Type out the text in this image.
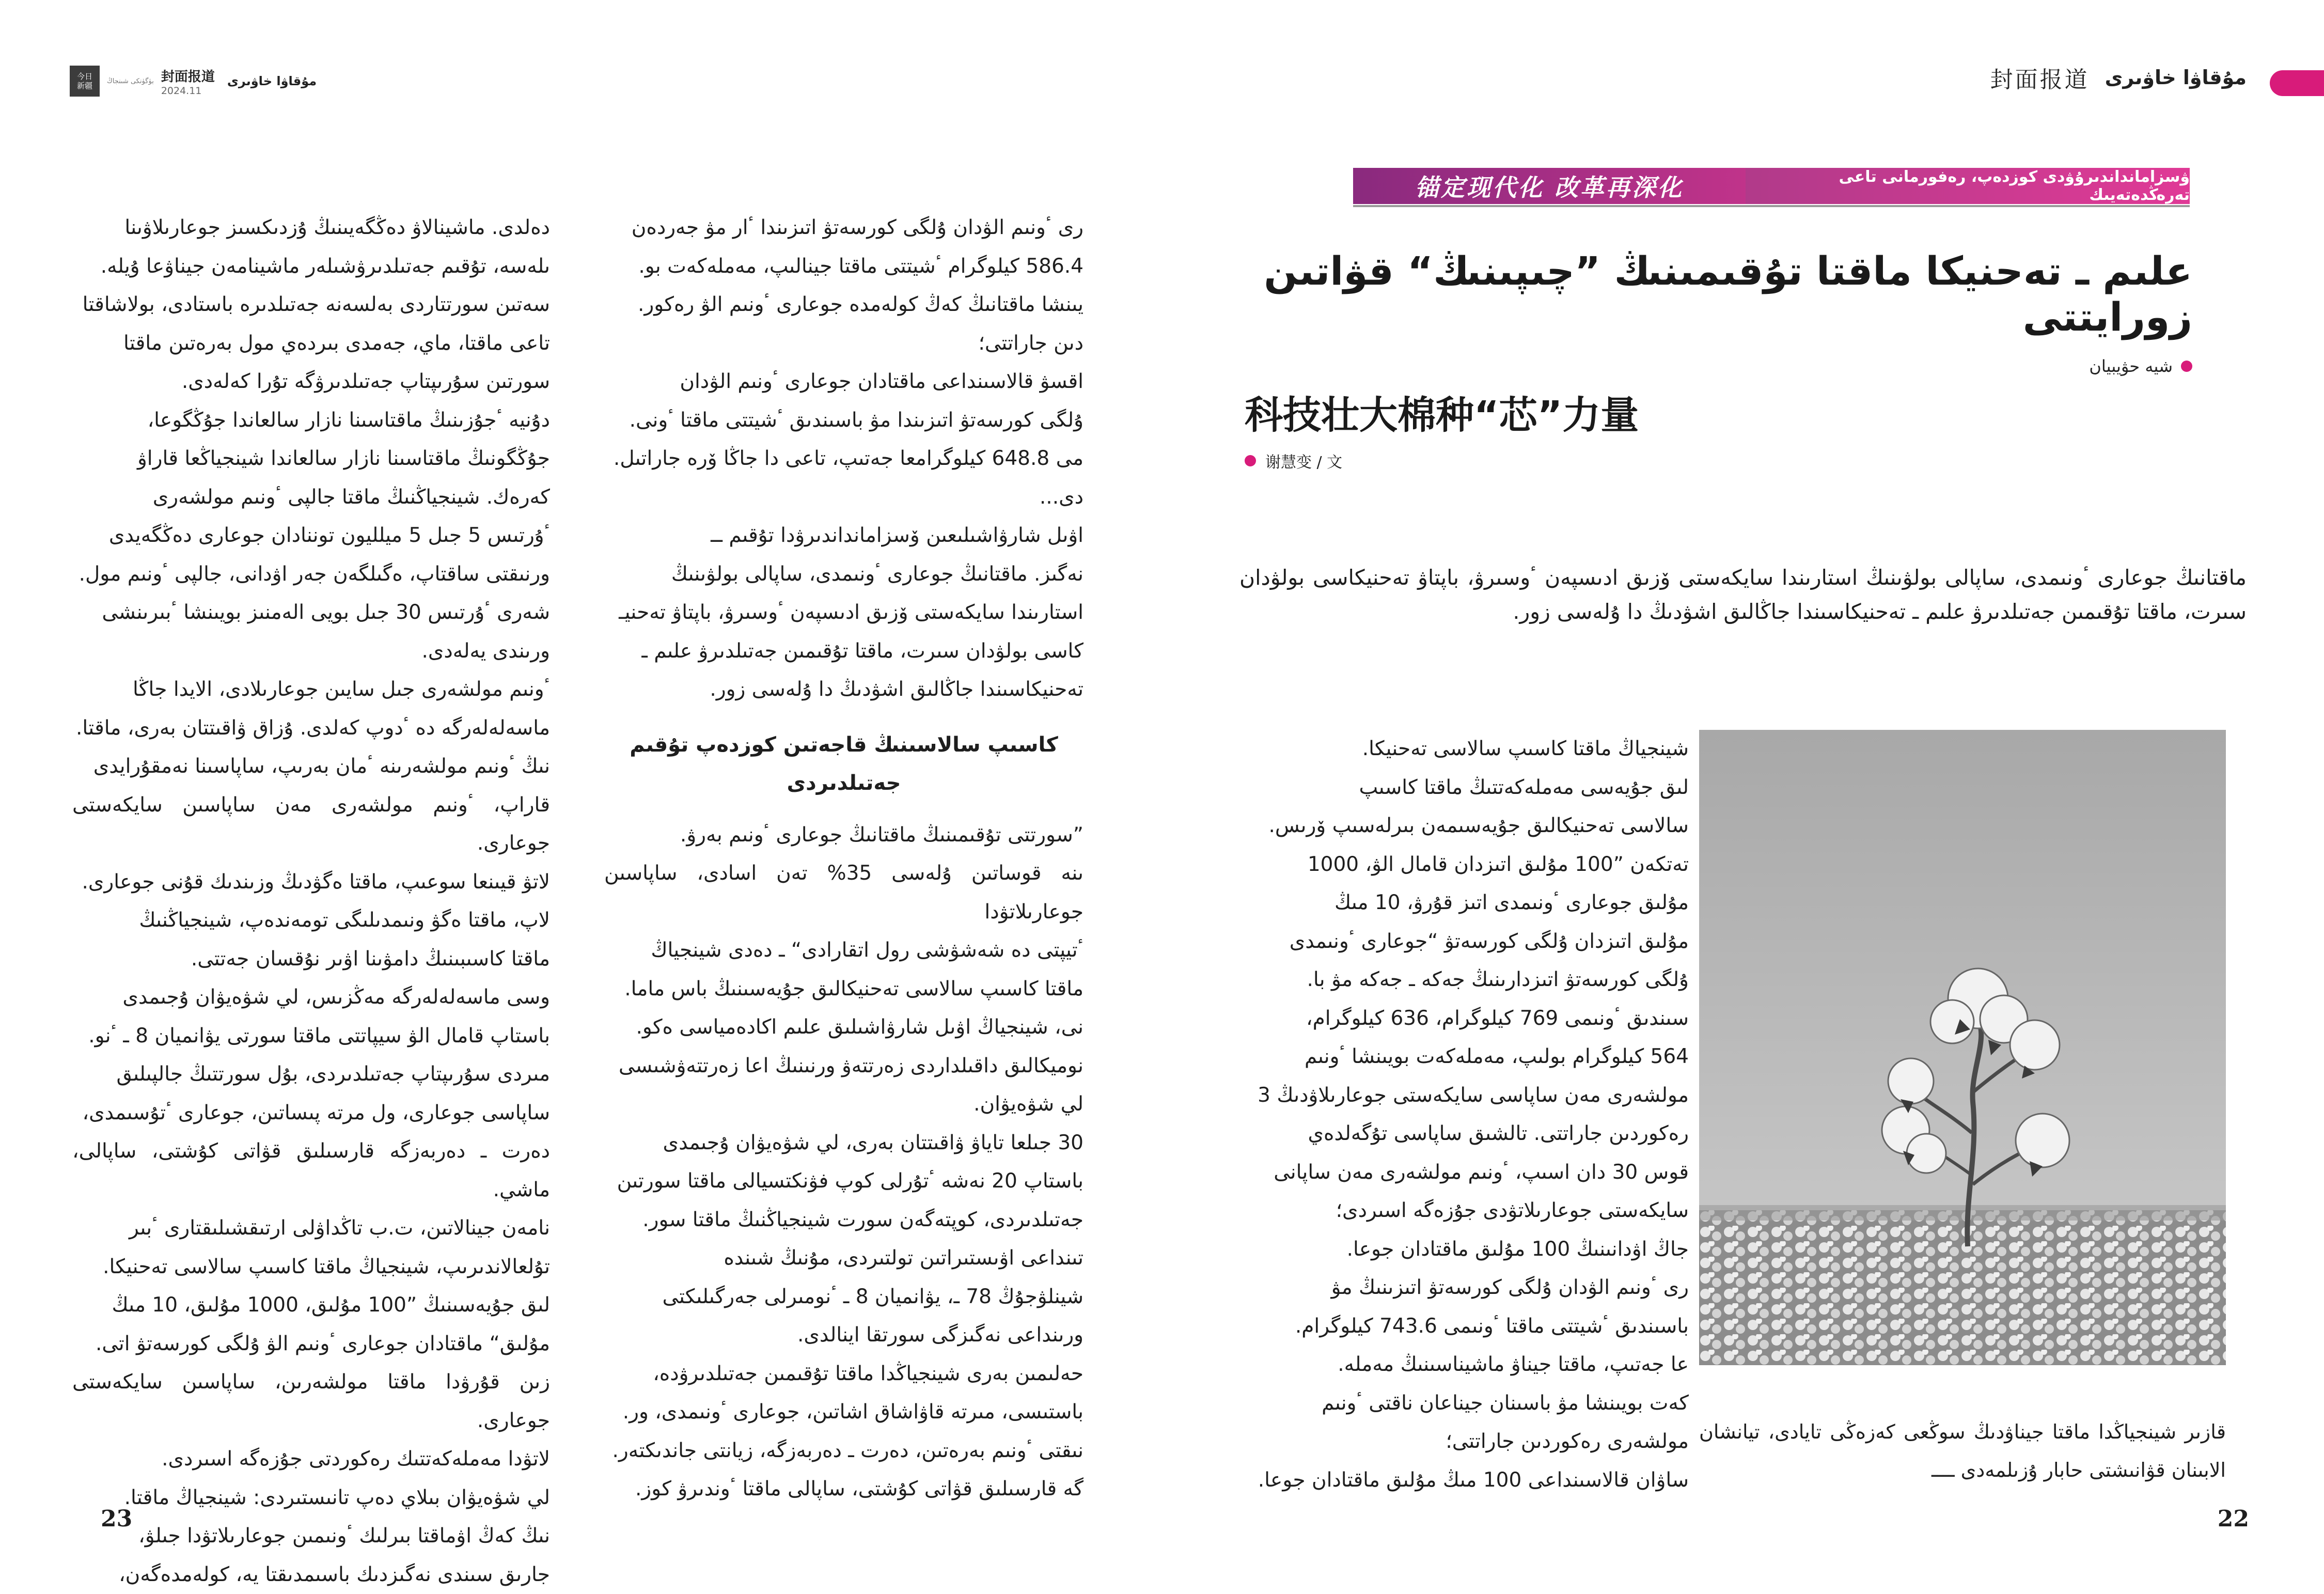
今日
新疆 بۈگۈنكى شىنجاڭ 封面报道
2024.11
مۇقاۋا خاۋىرى	封面报道 مۇقاۋا خاۋىرى
锚定现代化 改革再深化	ۋسزامانداندىرۇۋدى كوزدەپ، رەفورمانى تاعى تەرەڭدەتەيىك
علىم ـ تەحنيكا ماقتا تۇقىمىنىڭ ”چىپىنىڭ“ قۋاتىن زورايتتى
شيە حۋيبيان
科技壮大棉种“芯”力量
谢慧变 / 文
ماقتانىڭ جوعارى ٴونىمدى، ساپالى بولۋىنىڭ استارىندا سايكەستى ۆزىق ادىسپەن ٴوسىرۋ، باپتاۋ تەحنيكاسى بولۋدان سىرت، ماقتا تۇقىمىن جەتىلدىرۋ علىم ـ تەحنيكاسىندا جاڭالىق اشۋدىڭ دا ۇلەسى زور.
شينجياڭ ماقتا كاسىپ سالاسى تەحنيكا.
لىق جۇيەسى مەملەكەتتىڭ ماقتا كاسىپ
سالاسى تەحنيكالىق جۇيەسىمەن بىرلەسىپ ۆرىس.
تەتكەن ”100 مۇلىق اتىزدان قامال الۋ، 1000
مۇلىق جوعارى ٴونىمدى اتىز قۇرۋ، 10 مىڭ
مۇلىق اتىزدان ۇلگى كورسەتۋ “جوعارى ٴونىمدى
ۇلگى كورسەتۋ اتىزدارىنىڭ جەكە ـ جەكە مۋ با.
سىندىق ٴونىمى 769 كيلوگرام، 636 كيلوگرام،
564 كيلوگرام بولىپ، مەملەكەت بويىنشا ٴونىم
مولشەرى مەن ساپاسى سايكەستى جوعارىلاۋدىڭ 3
رەكوردىن جاراتتى. تالشىق ساپاسى تۇگەلدەي
قوس 30 دان اسىپ، ٴونىم مولشەرى مەن ساپانى
سايكەستى جوعارىلاتۋدى جۇزەگە اسىردى؛
جاڭ اۋدانىنىڭ 100 مۇلىق ماقتادان جوعا.
رى ٴونىم الۋدان ۇلگى كورسەتۋ اتىزىنىڭ مۋ
باسىندىق ٴشيتتى ماقتا ٴونىمى 743.6 كيلوگرام.
عا جەتىپ، ماقتا جيناۋ ماشيناسىنىڭ مەملە.
كەت بويىنشا مۋ باسىنان جيناعان ناقتى ٴونىم
مولشەرى رەكوردىن جاراتتى؛
ساۋان قالاسىنداعى 100 مىڭ مۇلىق ماقتادان جوعا.
قازىر شينجياڭدا ماقتا جيناۋدىڭ سوڭعى كەزەڭى تايادى، تيانشان الابىنان قۋانىشتى حابار ۇزىلمەدى ــــ

رى ٴونىم الۋدان ۇلگى كورسەتۋ اتىزىندا ٴار مۋ جەردەن
586.4 كيلوگرام ٴشيتتى ماقتا جينالىپ، مەملەكەت بو.
يىنشا ماقتانىڭ كەڭ كولەمدە جوعارى ٴونىم الۋ رەكور.
دىن جاراتتى؛

اقسۋ قالاسىنداعى ماقتادان جوعارى ٴونىم الۋدان
ۇلگى كورسەتۋ اتىزىندا مۋ باسىندىق ٴشيتتى ماقتا ٴونى.
مى 648.8 كيلوگرامعا جەتىپ، تاعى دا جاڭا ۆرە جاراتىل.
دى...

اۋىل شارۋاشىلىعىن ۆسزامانداندىرۋدا تۇقىم ــ
نەگىز. ماقتانىڭ جوعارى ٴونىمدى، ساپالى بولۋىنىڭ
استارىندا سايكەستى ۆزىق ادىسپەن ٴوسىرۋ، باپتاۋ تەحنيـ
كاسى بولۋدان سىرت، ماقتا تۇقىمىن جەتىلدىرۋ علىم ـ
تەحنيكاسىندا جاڭالىق اشۋدىڭ دا ۇلەسى زور.

كاسىپ سالاسىنىڭ قاجەتىن كوزدەپ تۇقىم جەتىلدىردى

”سورتتى تۇقىمىنىڭ ماقتانىڭ جوعارى ٴونىم بەرۋ.
ىنە قوساتىن ۇلەسى 35% تەن اسادى، ساپاسىن جوعارىلاتۋدا
ٴتيپتى دە شەشۋشى رول اتقارادى“ ـ دەدى شينجياڭ
ماقتا كاسىپ سالاسى تەحنيكالىق جۇيەسىنىڭ باس ماما.
نى، شينجياڭ اۋىل شارۋاشىلىق علىم اكادەمياسى ەكو.
نوميكالىق داقىلداردى زەرتتەۋ ورنىنىڭ اعا زەرتتەۋشىسى
لي شۋەيۋان.

30 جىلعا تاياۋ ۋاقىتتان بەرى، لي شۋەيۋان ۇجىمدى
باستاپ 20 نەشە ٴتۇرلى كوپ فۋنكتسيالى ماقتا سورتىن
جەتىلدىردى، كوپتەگەن سورت شينجياڭنىڭ ماقتا سور.
تىنداعى اۋىستىراتىن تولتىردى، مۇنىڭ شىندە
شينلۋجۇڭ 78 ـ، يۋانميان 8 ـ ٴنومىرلى جەرگىلىكتى
ورىنداعى نەگىزگى سورتقا اينالدى.

حەلىمىن بەرى شينجياڭدا ماقتا تۇقىمىن جەتىلدىرۋدە،
باستىسى، مىرتە قاۋاشاق اشاتىن، جوعارى ٴونىمدى، ور.
نىقتى ٴونىم بەرەتىن، دەرت ـ دەربەزگە، زيانتى جاندىكتەر.
گە قارسىلىق قۋاتى كۇشتى، ساپالى ماقتا ٴوندىرۋ كوز.

دەلدى. ماشينالاۋ دەڭگەيىنىڭ ۇزدىكسىز جوعارىلاۋىنا
ىلەسە، تۇقىم جەتىلدىرۋشىلەر ماشينامەن جيناۋعا ۇيلە.
سەتىن سورتتاردى بەلسەنە جەتىلدىرە باستادى، بولاشاقتا
تاعى ماقتا، ماي، جەمدى بىردەي مول بەرەتىن ماقتا
سورتىن سۇرىپتاپ جەتىلدىرۋگە تۇرا كەلەدى.

دۇنيە ٴجۇزىنىڭ ماقتاسىنا نازار سالعاندا جۇڭگوعا،
جۇڭگونىڭ ماقتاسىنا نازار سالعاندا شينجياڭعا قاراۋ
كەرەك. شينجياڭنىڭ ماقتا جالپى ٴونىم مولشەرى
ٴۇرتىس 5 جىل 5 ميلليون توننادان جوعارى دەڭگەيدى
ورنىقتى ساقتاپ، ەگىلگەن جەر اۋدانى، جالپى ٴونىم مول.
شەرى ٴۇرتىس 30 جىل بويى الەمنىز بويىنشا ٴبىرىنشى
ورىندى يەلەدى.

ٴونىم مولشەرى جىل سايىن جوعارىلادى، الايدا جاڭا
ماسەلەلەرگە دە ٴدوپ كەلدى. ۇزاق ۋاقىتتان بەرى، ماقتا.
نىڭ ٴونىم مولشەرىنە ٴمان بەرىپ، ساپاسىنا نەمقۇرايدى
قاراپ، ٴونىم مولشەرى مەن ساپاسىن سايكەستى جوعارى.
لاتۋ قيىنعا سوعىپ، ماقتا ەگۋدىڭ وزىندىك قۇنى جوعارى.
لاپ، ماقتا ەگۋ ونىمدىلىگى تومەندەپ، شينجياڭنىڭ
ماقتا كاسىبىنىڭ دامۋىنا اۋىر نۇقسان جەتتى.

وسى ماسەلەلەرگە مەڭزىس، لي شۋەيۋان ۇجىمدى
باستاپ قامال الۋ سيپاتتى ماقتا سورتى يۋانميان 8 ـ ٴنو.
مىردى سۇرىپتاپ جەتىلدىردى، بۇل سورتتىڭ جالپىلىق
ساپاسى جوعارى، ول مرتە پىساتىن، جوعارى ٴتۇسىمدى،
دەرت ـ دەربەزگە قارسىلىق قۋاتى كۇشتى، ساپالى، ماشي.
نامەن جينالاتىن، ت.ب تاڭداۋلى ارتىقشىلىقتارى ٴبىر
تۇلعالاندىرىپ، شينجياڭ ماقتا كاسىپ سالاسى تەحنيكا.
لىق جۇيەسىنىڭ ”100 مۇلىق، 1000 مۇلىق، 10 مىڭ
مۇلىق“ ماقتادان جوعارى ٴونىم الۋ ۇلگى كورسەتۋ اتى.
زىن قۇرۋدا ماقتا مولشەرىن، ساپاسىن سايكەستى جوعارى.
لاتۋدا مەملەكەتتىك رەكوردتى جۇزەگە اسىردى.

لي شۋەيۋان بىلاي دەپ تانىستىردى: شينجياڭ ماقتا.
نىڭ كەڭ اۋماقتا بىرلىك ٴونىمىن جوعارىلاتۋدا جىلۋ،
جارىق سىندى نەگىزدىك باسىمدىقتا يە، كولەمدەگەن،

23	22
